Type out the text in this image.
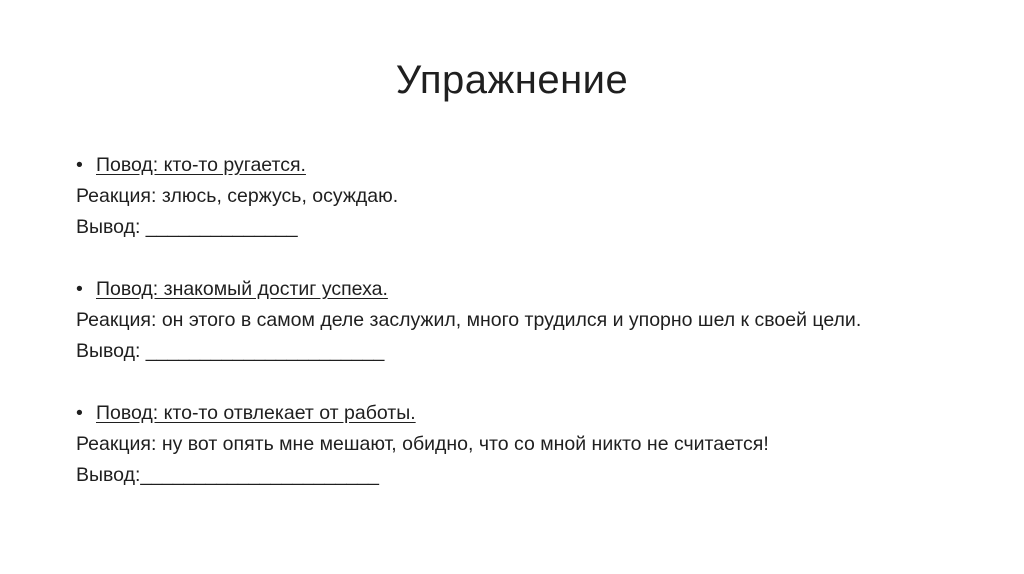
Упражнение
• Повод: кто-то ругается.
Реакция: злюсь, сержусь, осуждаю.
Вывод: ______________
• Повод: знакомый достиг успеха.
Реакция: он этого в самом деле заслужил, много трудился и упорно шел к своей цели.
Вывод: ______________________
• Повод: кто-то отвлекает от работы.
Реакция: ну вот опять мне мешают, обидно, что со мной никто не считается!
Вывод:______________________
